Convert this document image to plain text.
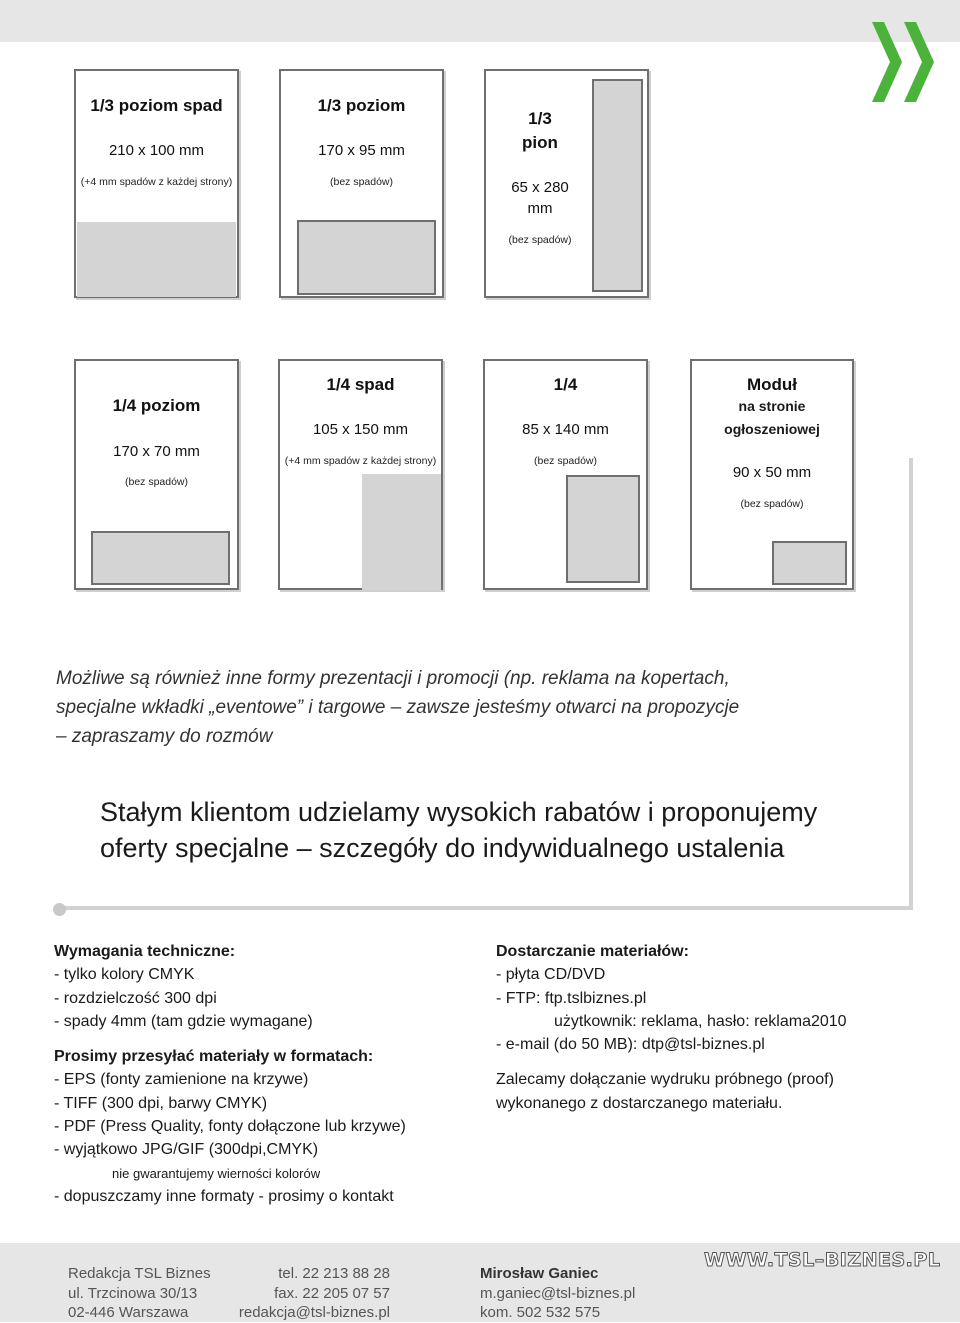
1/3 poziom spad
210 x 100 mm
(+4 mm spadów z każdej strony)
1/3 poziom
170 x 95 mm
(bez spadów)
1/3
pion
65 x 280
mm
(bez spadów)
1/4 poziom
170 x 70 mm
(bez spadów)
1/4 spad
105 x 150 mm
(+4 mm spadów z każdej strony)
1/4
85 x 140 mm
(bez spadów)
Moduł
na stronie
ogłoszeniowej
90 x 50 mm
(bez spadów)
Możliwe są również inne formy prezentacji i promocji (np. reklama na kopertach,
specjalne wkładki „eventowe” i targowe – zawsze jesteśmy otwarci na propozycje
– zapraszamy do rozmów
Stałym klientom udzielamy wysokich rabatów i proponujemy
oferty specjalne – szczegóły do indywidualnego ustalenia
Wymagania techniczne:
- tylko kolory CMYK
- rozdzielczość 300 dpi
- spady 4mm (tam gdzie wymagane)
Prosimy przesyłać materiały w formatach:
- EPS (fonty zamienione na krzywe)
- TIFF (300 dpi, barwy CMYK)
- PDF (Press Quality, fonty dołączone lub krzywe)
- wyjątkowo JPG/GIF (300dpi,CMYK)
nie gwarantujemy wierności kolorów
- dopuszczamy inne formaty - prosimy o kontakt
Dostarczanie materiałów:
- płyta CD/DVD
- FTP: ftp.tslbiznes.pl
użytkownik: reklama, hasło: reklama2010
- e-mail (do 50 MB): dtp@tsl-biznes.pl
Zalecamy dołączanie wydruku próbnego (proof)
wykonanego z dostarczanego materiału.
Redakcja TSL Biznes
ul. Trzcinowa 30/13
02-446 Warszawa
tel. 22 213 88 28
fax. 22 205 07 57
redakcja@tsl-biznes.pl
Mirosław Ganiec
m.ganiec@tsl-biznes.pl
kom. 502 532 575
WWW.TSL–BIZNES.PL
